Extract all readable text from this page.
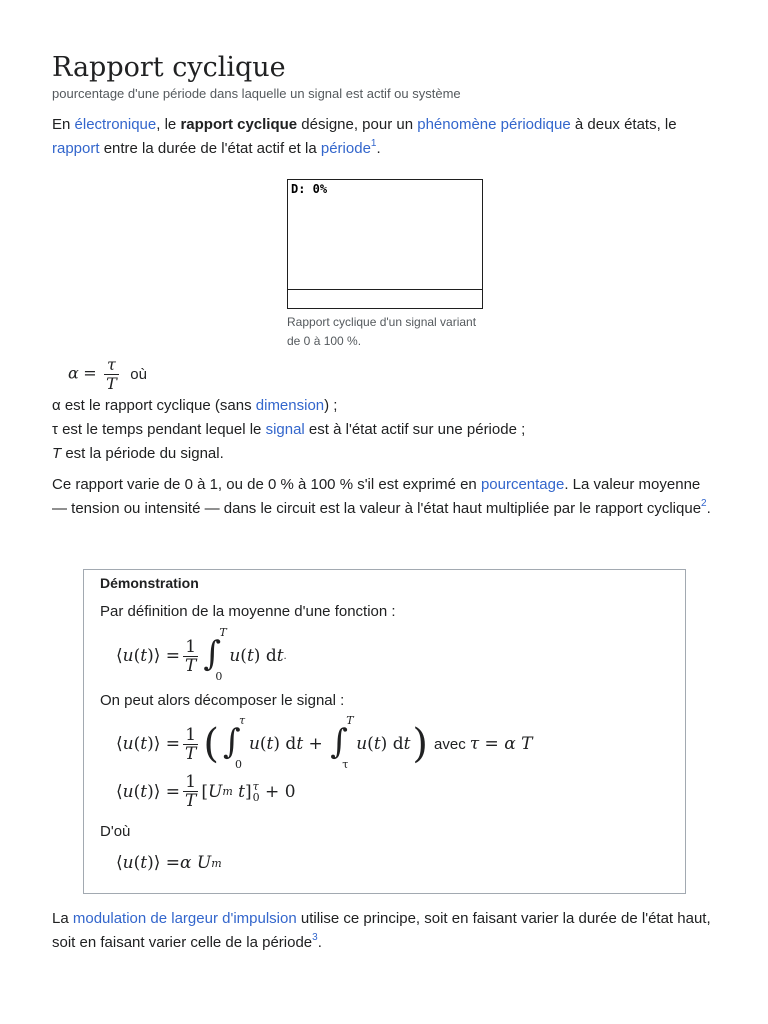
Rapport cyclique
pourcentage d'une période dans laquelle un signal est actif ou système

En électronique, le rapport cyclique désigne, pour un phénomène périodique à deux états, le rapport entre la durée de l'état actif et la période$^1$.

D: 0%
Rapport cyclique d'un signal variant de 0 à 100 %.
$\alpha = \frac{\tau}{T}$ où
α est le rapport cyclique (sans dimension) ;
τ est le temps pendant lequel le signal est à l'état actif sur une période ;
T est la période du signal.

Ce rapport varie de 0 à 1, ou de 0 % à 100 % s'il est exprimé en pourcentage. La valeur moyenne — tension ou intensité — dans le circuit est la valeur à l'état haut multipliée par le rapport cyclique$^2$.

Démonstration
Par définition de la moyenne d'une fonction :
⟨ u ( t )⟩ = $\frac{1}{T}$ ∫
T
0
u ( t ) d t .
On peut alors décomposer le signal :
⟨ u ( t )⟩ = $\frac{1}{T}$ ( ∫
τ
0
u ( t ) d t + ∫
T
τ
u ( t ) d t ) avec τ = α T
⟨ u ( t )⟩ = $\frac{1}{T}$ [ U m t ] τ
0 + 0
D'où
⟨ u ( t )⟩ = α U m

La modulation de largeur d'impulsion utilise ce principe, soit en faisant varier la durée de l'état haut, soit en faisant varier celle de la période$^3$.
